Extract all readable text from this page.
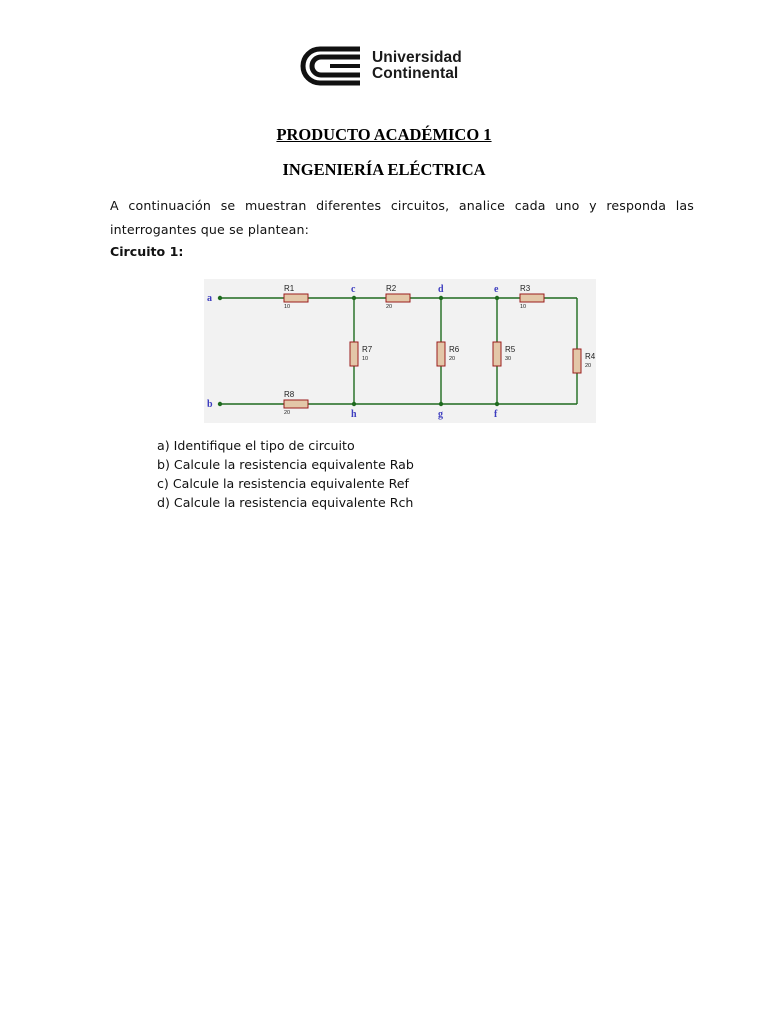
Universidad
Continental
PRODUCTO ACADÉMICO 1
INGENIERÍA ELÉCTRICA
A continuación se muestran diferentes circuitos, analice cada uno y responda las interrogantes que se plantean:
Circuito 1:
a
b
c	d	e
h	g	f
R1
10
R2
20
R3
10
R8
20
R7
10
R6
20
R5
30	R4
20
a) Identifique el tipo de circuito
b) Calcule la resistencia equivalente Rab
c) Calcule la resistencia equivalente Ref
d) Calcule la resistencia equivalente Rch
